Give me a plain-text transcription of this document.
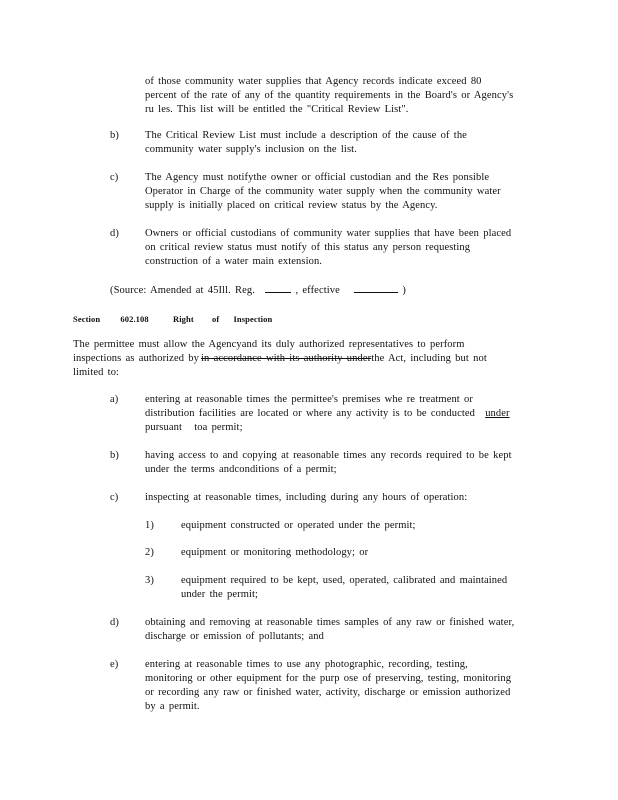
of those community water supplies that Agency records indicate exceed 80
percent of the rate of any of the quantity requirements in the Board's or Agency's
ru les. This list will be entitled the "Critical Review List".
b) The Critical Review List must include a description of the cause of the
community water supply's inclusion on the list.
c)	The Agency must notifythe owner or official custodian and the Res ponsible
Operator in Charge of the community water supply when the community water
supply is initially placed on critical review status by the Agency.
d) Owners or official custodians of community water supplies that have been placed
on critical review status must notify of this status any person requesting
construction of a water main extension.
(Source: Amended at 45Ill. Reg.	, effective	)
Section 602.108	Right of Inspection
The permittee must allow the Agencyand its duly authorized representatives to perform
inspections as authorized by in accordance with its authority underthe Act, including but not
limited to:
a)	entering at reasonable times the permittee's premises whe re treatment or
distribution facilities are located or where any activity is to be conducted under
pursuant toa permit;
b) having access to and copying at reasonable times any records required to be kept
under the terms andconditions of a permit;
c)	inspecting at reasonable times, including during any hours of operation:
1)	equipment constructed or operated under the permit;
2)	equipment or monitoring methodology; or
3)	equipment required to be kept, used, operated, calibrated and maintained
under the permit;
d) obtaining and removing at reasonable times samples of any raw or finished water,
discharge or emission of pollutants; and
e)	entering at reasonable times to use any photographic, recording, testing,
monitoring or other equipment for the purp ose of preserving, testing, monitoring
or recording any raw or finished water, activity, discharge or emission authorized
by a permit.
